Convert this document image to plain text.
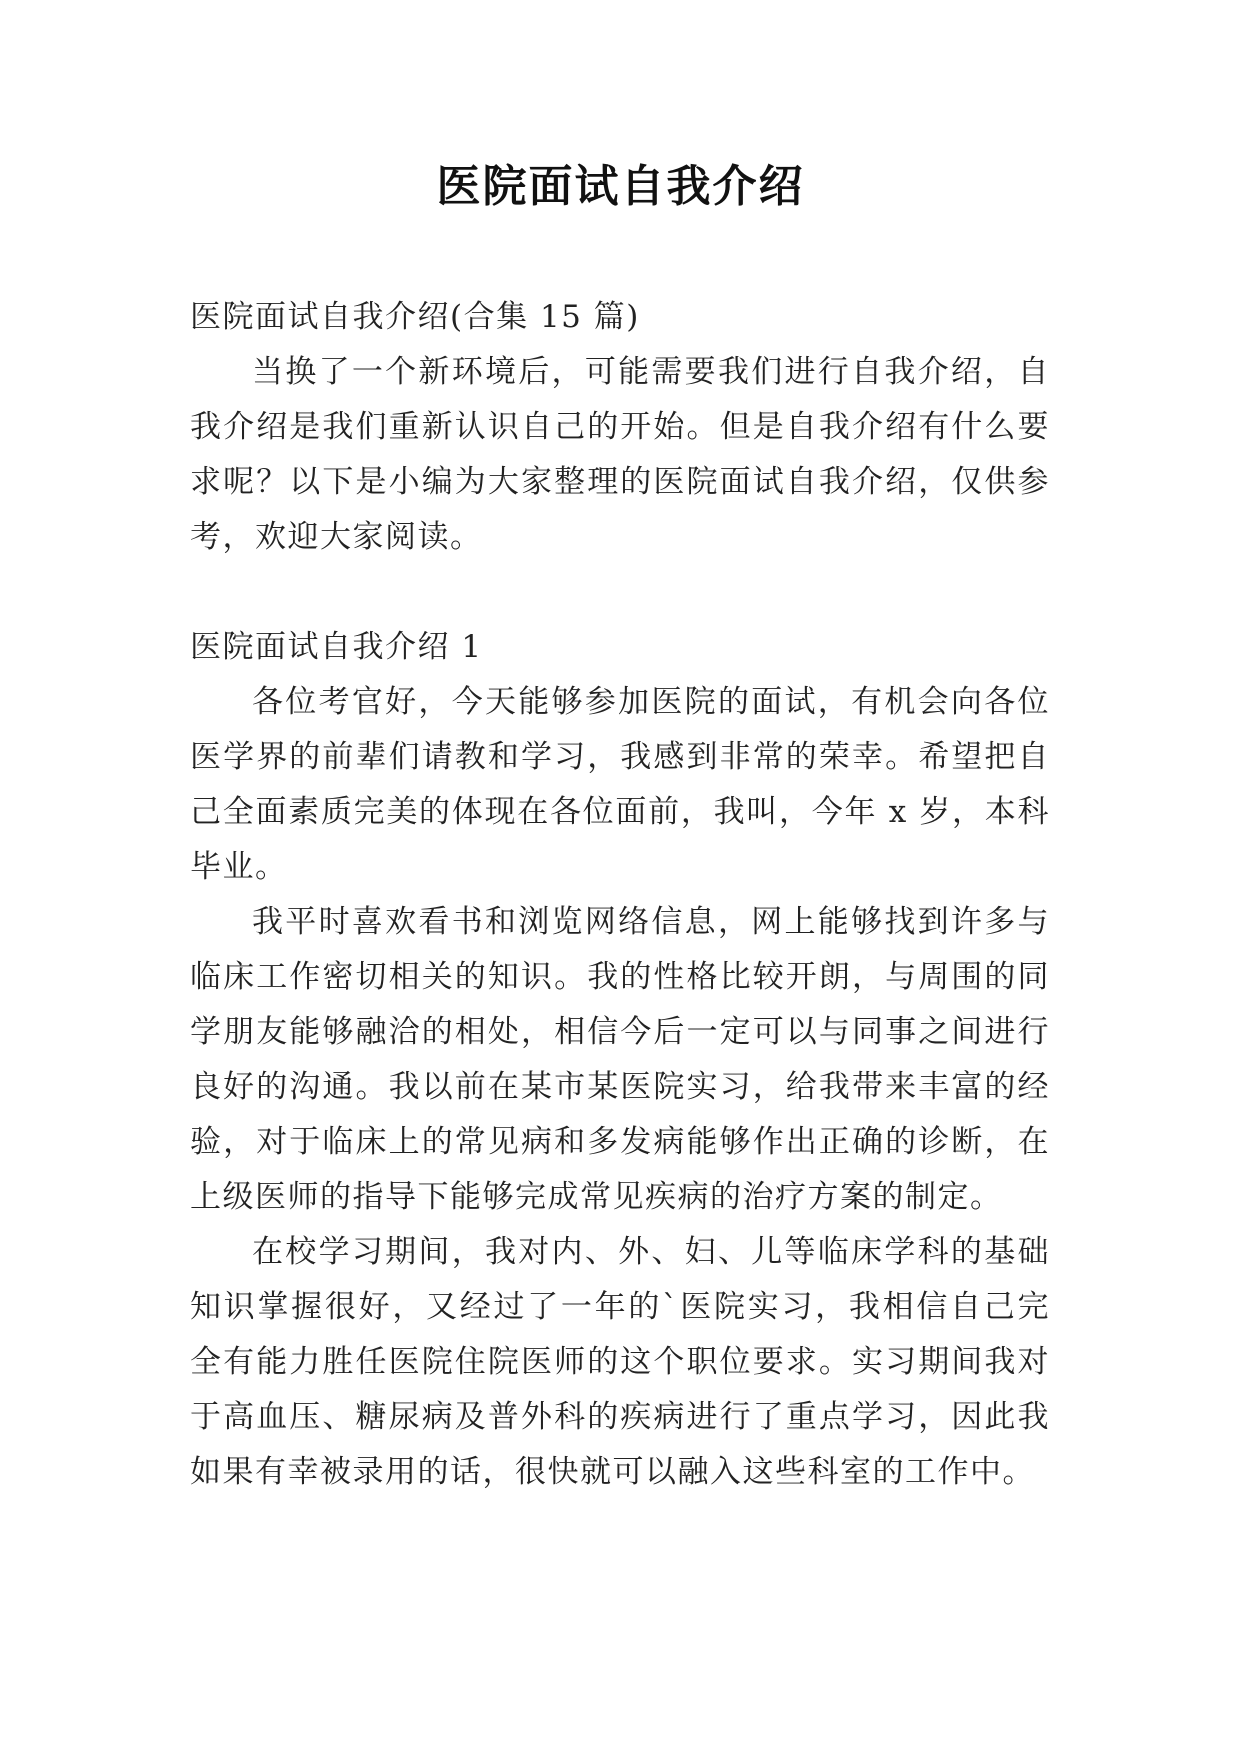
医院面试自我介绍

医院面试自我介绍(合集 15 篇)

当换了一个新环境后，可能需要我们进行自我介绍，自我介绍是我们重新认识自己的开始。但是自我介绍有什么要求呢？以下是小编为大家整理的医院面试自我介绍，仅供参考，欢迎大家阅读。

医院面试自我介绍 1

各位考官好，今天能够参加医院的面试，有机会向各位医学界的前辈们请教和学习，我感到非常的荣幸。希望把自己全面素质完美的体现在各位面前，我叫，今年 x 岁，本科毕业。

我平时喜欢看书和浏览网络信息，网上能够找到许多与临床工作密切相关的知识。我的性格比较开朗，与周围的同学朋友能够融洽的相处，相信今后一定可以与同事之间进行良好的沟通。我以前在某市某医院实习，给我带来丰富的经验，对于临床上的常见病和多发病能够作出正确的诊断，在上级医师的指导下能够完成常见疾病的治疗方案的制定。

在校学习期间，我对内、外、妇、儿等临床学科的基础知识掌握很好，又经过了一年的`医院实习，我相信自己完全有能力胜任医院住院医师的这个职位要求。实习期间我对于高血压、糖尿病及普外科的疾病进行了重点学习，因此我如果有幸被录用的话，很快就可以融入这些科室的工作中。
